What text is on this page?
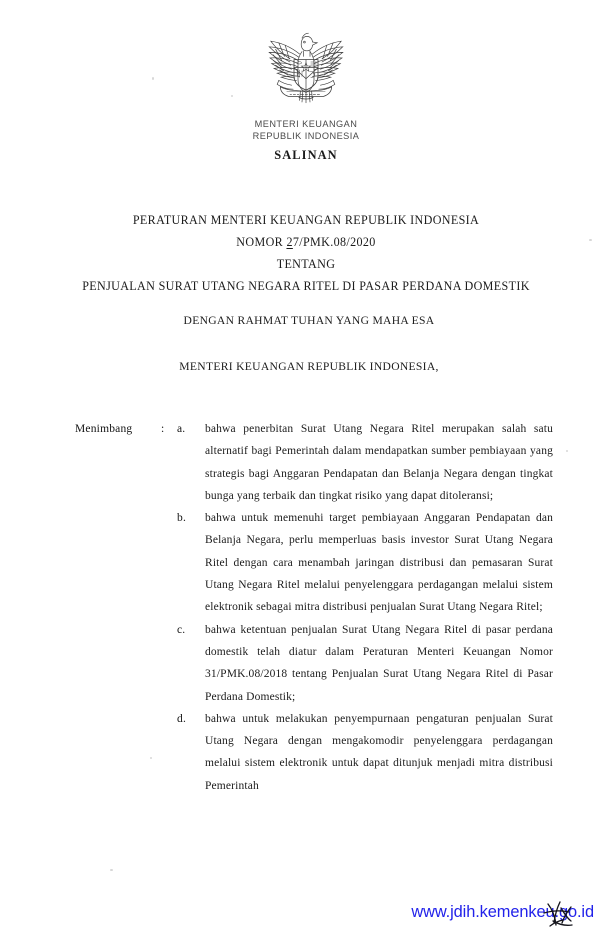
MENTERI KEUANGAN
REPUBLIK INDONESIA
SALINAN
PERATURAN MENTERI KEUANGAN REPUBLIK INDONESIA
NOMOR 27/PMK.08/2020
TENTANG
PENJUALAN SURAT UTANG NEGARA RITEL DI PASAR PERDANA DOMESTIK
DENGAN RAHMAT TUHAN YANG MAHA ESA
MENTERI KEUANGAN REPUBLIK INDONESIA,
Menimbang	:	a.	bahwa penerbitan Surat Utang Negara Ritel merupakan salah satu alternatif bagi Pemerintah dalam mendapatkan sumber pembiayaan yang strategis bagi Anggaran Pendapatan dan Belanja Negara dengan tingkat bunga yang terbaik dan tingkat risiko yang dapat ditoleransi;
b.	bahwa untuk memenuhi target pembiayaan Anggaran Pendapatan dan Belanja Negara, perlu memperluas basis investor Surat Utang Negara Ritel dengan cara menambah jaringan distribusi dan pemasaran Surat Utang Negara Ritel melalui penyelenggara perdagangan melalui sistem elektronik sebagai mitra distribusi penjualan Surat Utang Negara Ritel;
c.	bahwa ketentuan penjualan Surat Utang Negara Ritel di pasar perdana domestik telah diatur dalam Peraturan Menteri Keuangan Nomor 31/PMK.08/2018 tentang Penjualan Surat Utang Negara Ritel di Pasar Perdana Domestik;
d.	bahwa untuk melakukan penyempurnaan pengaturan penjualan Surat Utang Negara dengan mengakomodir penyelenggara perdagangan melalui sistem elektronik untuk dapat ditunjuk menjadi mitra distribusi Pemerintah
www.jdih.kemenkeu.go.id
